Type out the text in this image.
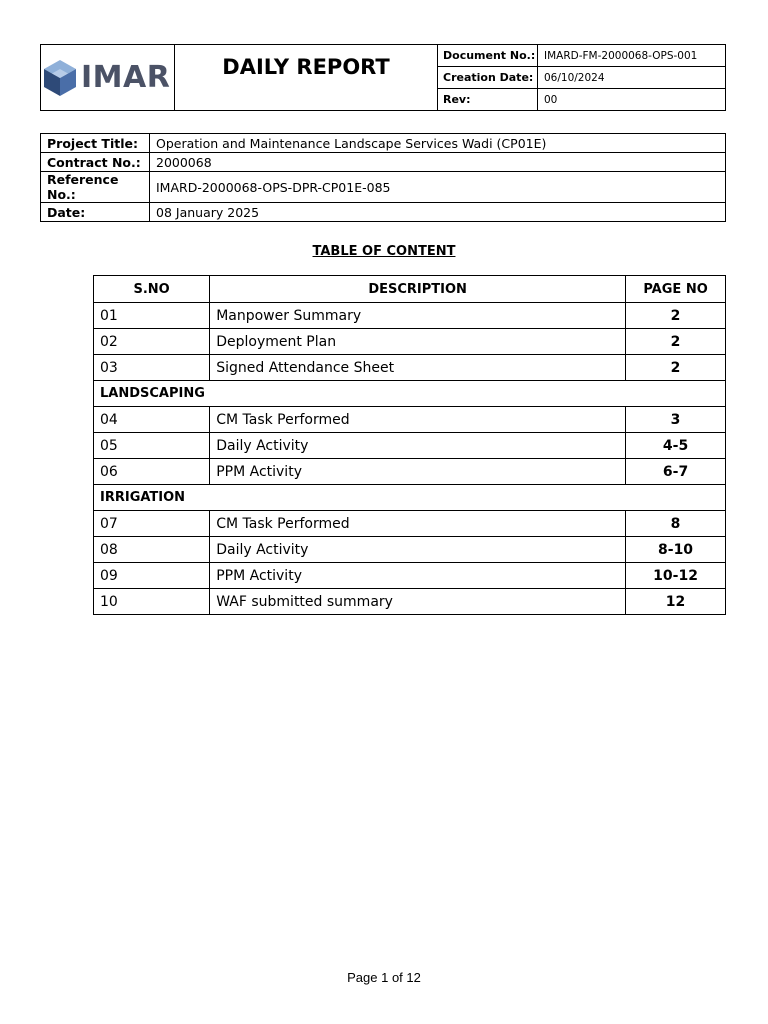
IMAR	DAILY REPORT	Document No.:	IMARD-FM-2000068-OPS-001
		Creation Date:	06/10/2024
		Rev:	00
Project Title:	Operation and Maintenance Landscape Services Wadi (CP01E)
Contract No.:	2000068
Reference No.:	IMARD-2000068-OPS-DPR-CP01E-085
Date:	08 January 2025
TABLE OF CONTENT
S.NO	DESCRIPTION	PAGE NO
01	Manpower Summary	2
02	Deployment Plan	2
03	Signed Attendance Sheet	2
LANDSCAPING		
04	CM Task Performed	3
05	Daily Activity	4-5
06	PPM Activity	6-7
IRRIGATION		
07	CM Task Performed	8
08	Daily Activity	8-10
09	PPM Activity	10-12
10	WAF submitted summary	12
Page 1 of 12
